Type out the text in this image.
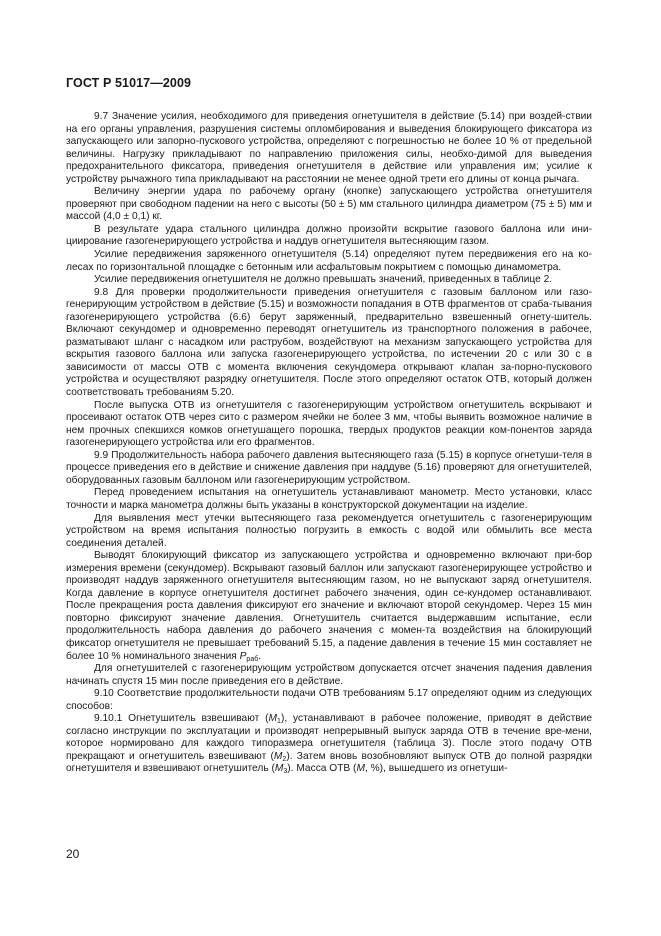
ГОСТ Р 51017—2009

9.7 Значение усилия, необходимого для приведения огнетушителя в действие (5.14) при воздей-ствии на его органы управления, разрушения системы опломбирования и выведения блокирующего фиксатора из запускающего или запорно-пускового устройства, определяют с погрешностью не более 10 % от предельной величины. Нагрузку прикладывают по направлению приложения силы, необхо-димой для выведения предохранительного фиксатора, приведения огнетушителя в действие или управления им; усилие к устройству рычажного типа прикладывают на расстоянии не менее одной трети его длины от конца рычага.

Величину энергии удара по рабочему органу (кнопке) запускающего устройства огнетушителя проверяют при свободном падении на него с высоты (50 ± 5) мм стального цилиндра диаметром (75 ± 5) мм и массой (4,0 ± 0,1) кг.

В результате удара стального цилиндра должно произойти вскрытие газового баллона или ини-циирование газогенерирующего устройства и наддув огнетушителя вытесняющим газом.

Усилие передвижения заряженного огнетушителя (5.14) определяют путем передвижения его на ко-лесах по горизонтальной площадке с бетонным или асфальтовым покрытием с помощью динамометра.

Усилие передвижения огнетушителя не должно превышать значений, приведенных в таблице 2.

9.8 Для проверки продолжительности приведения огнетушителя с газовым баллоном или газо-генерирующим устройством в действие (5.15) и возможности попадания в ОТВ фрагментов от сраба-тывания газогенерирующего устройства (6.6) берут заряженный, предварительно взвешенный огнету-шитель. Включают секундомер и одновременно переводят огнетушитель из транспортного положения в рабочее, разматывают шланг с насадком или раструбом, воздействуют на механизм запускающего устройства для вскрытия газового баллона или запуска газогенерирующего устройства, по истечении 20 с или 30 с в зависимости от массы ОТВ с момента включения секундомера открывают клапан за-порно-пускового устройства и осуществляют разрядку огнетушителя. После этого определяют остаток ОТВ, который должен соответствовать требованиям 5.20.

После выпуска ОТВ из огнетушителя с газогенерирующим устройством огнетушитель вскрывают и просеивают остаток ОТВ через сито с размером ячейки не более 3 мм, чтобы выявить возможное наличие в нем прочных спекшихся комков огнетушащего порошка, твердых продуктов реакции ком-понентов заряда газогенерирующего устройства или его фрагментов.

9.9 Продолжительность набора рабочего давления вытесняющего газа (5.15) в корпусе огнетуши-теля в процессе приведения его в действие и снижение давления при наддуве (5.16) проверяют для огнетушителей, оборудованных газовым баллоном или газогенерирующим устройством.

Перед проведением испытания на огнетушитель устанавливают манометр. Место установки, класс точности и марка манометра должны быть указаны в конструкторской документации на изделие.

Для выявления мест утечки вытесняющего газа рекомендуется огнетушитель с газогенерирующим устройством на время испытания полностью погрузить в емкость с водой или обмылить все места соединения деталей.

Выводят блокирующий фиксатор из запускающего устройства и одновременно включают при-бор измерения времени (секундомер). Вскрывают газовый баллон или запускают газогенерирующее устройство и производят наддув заряженного огнетушителя вытесняющим газом, но не выпускают заряд огнетушителя. Когда давление в корпусе огнетушителя достигнет рабочего значения, один се-кундомер останавливают. После прекращения роста давления фиксируют его значение и включают второй секундомер. Через 15 мин повторно фиксируют значение давления. Огнетушитель считается выдержавшим испытание, если продолжительность набора давления до рабочего значения с момен-та воздействия на блокирующий фиксатор огнетушителя не превышает требований 5.15, а падение давления в течение 15 мин составляет не более 10 % номинального значения $P_{раб}$.

Для огнетушителей с газогенерирующим устройством допускается отсчет значения падения давления начинать спустя 15 мин после приведения его в действие.

9.10 Соответствие продолжительности подачи ОТВ требованиям 5.17 определяют одним из следующих способов:

9.10.1 Огнетушитель взвешивают $(M_1)$, устанавливают в рабочее положение, приводят в действие согласно инструкции по эксплуатации и производят непрерывный выпуск заряда ОТВ в течение вре-мени, которое нормировано для каждого типоразмера огнетушителя (таблица 3). После этого подачу ОТВ прекращают и огнетушитель взвешивают $(M_2)$. Затем вновь возобновляют выпуск ОТВ до полной разрядки огнетушителя и взвешивают огнетушитель $(M_3)$. Масса ОТВ (M, %), вышедшего из огнетуши-

20
